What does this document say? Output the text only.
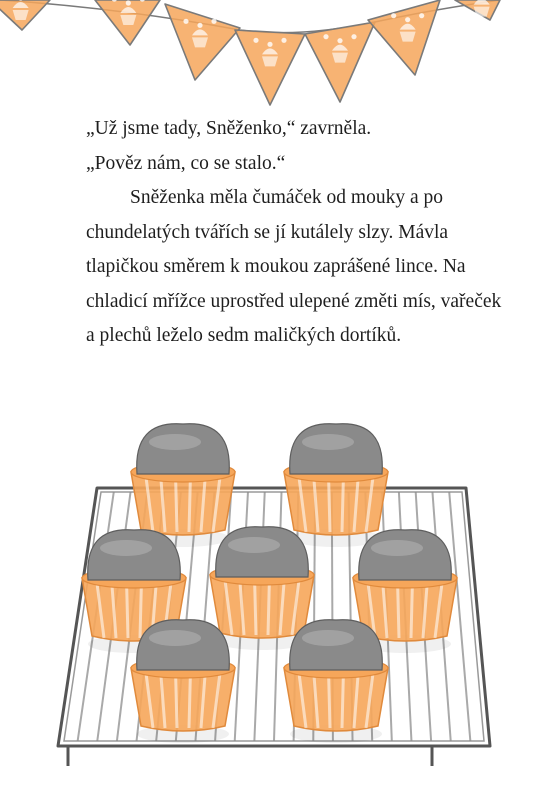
„Už jsme tady, Sněženko,“ zavrněla.

„Pověz nám, co se stalo.“

Sněženka měla čumáček od mouky a po chundelatých tvářích se jí kutálely slzy. Mávla tlapičkou směrem k moukou zaprášené lince. Na chladicí mřížce uprostřed ulepené změti mís, vařeček a plechů leželo sedm maličkých dortíků.
